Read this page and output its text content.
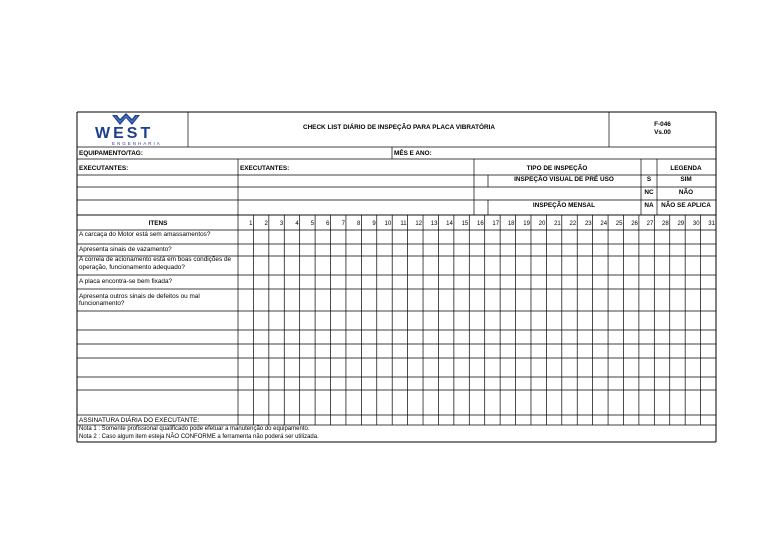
WEST
ENGENHARIA
CHECK LIST DIÁRIO DE INSPEÇÃO PARA PLACA VIBRATÓRIA	F-046
Vs.00
EQUIPAMENTO/TAG:	MÊS E ANO:
EXECUTANTES:	EXECUTANTES:	TIPO DE INSPEÇÃO
INSPEÇÃO VISUAL DE PRÉ USO
INSPEÇÃO MENSAL
LEGENDA
S	SIM
NC	NÃO
NA	NÃO SE APLICA
ITENS	1	2	3	4	5	6	7	8	9	10	11	12	13	14	15	16	17	18	19	20	21	22	23	24	25	26	27	28	29	30	31
A carcaça do Motor está sem amassamentos?
Apresenta sinais de vazamento?
A correia de acionamento está em boas condições de
operação, funcionamento adequado?
A placa encontra-se bem fixada?
Apresenta outros sinais de defeitos ou mal
funcionamento?
ASSINATURA DIÁRIA DO EXECUTANTE:
Nota 1 : Somente profissional qualificado pode efetuar a manutenção do equipamento.
Nota 2 : Caso algum item esteja NÃO CONFORME a ferramenta não poderá ser utilizada.
